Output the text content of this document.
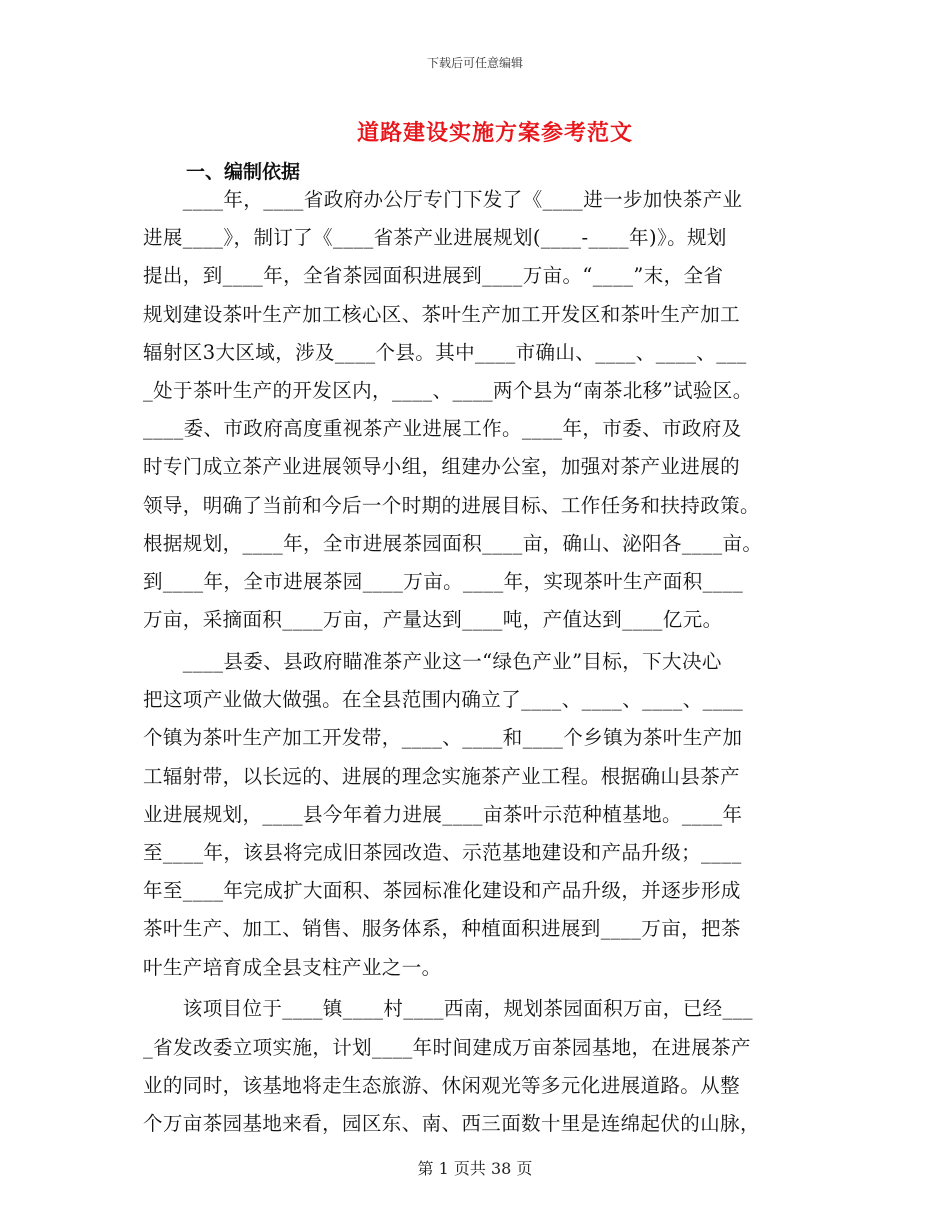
下载后可任意编辑
道路建设实施方案参考范文
一、编制依据
　　____年，____省政府办公厅专门下发了《____进一步加快茶产业
进展____》，制订了《____省茶产业进展规划(____-____年)》。规划
提出，到____年，全省茶园面积进展到____万亩。“____”末，全省
规划建设茶叶生产加工核心区、茶叶生产加工开发区和茶叶生产加工
辐射区3大区域，涉及____个县。其中____市确山、____、____、___
_处于茶叶生产的开发区内，____、____两个县为“南茶北移”试验区。
____委、市政府高度重视茶产业进展工作。____年，市委、市政府及
时专门成立茶产业进展领导小组，组建办公室，加强对茶产业进展的
领导，明确了当前和今后一个时期的进展目标、工作任务和扶持政策。
根据规划，____年，全市进展茶园面积____亩，确山、泌阳各____亩。
到____年，全市进展茶园____万亩。____年，实现茶叶生产面积____
万亩，采摘面积____万亩，产量达到____吨，产值达到____亿元。
　　____县委、县政府瞄准茶产业这一“绿色产业”目标，下大决心
把这项产业做大做强。在全县范围内确立了____、____、____、____
个镇为茶叶生产加工开发带，____、____和____个乡镇为茶叶生产加
工辐射带，以长远的、进展的理念实施茶产业工程。根据确山县茶产
业进展规划，____县今年着力进展____亩茶叶示范种植基地。____年
至____年，该县将完成旧茶园改造、示范基地建设和产品升级；____
年至____年完成扩大面积、茶园标准化建设和产品升级，并逐步形成
茶叶生产、加工、销售、服务体系，种植面积进展到____万亩，把茶
叶生产培育成全县支柱产业之一。
　　该项目位于____镇____村____西南，规划茶园面积万亩，已经___
_省发改委立项实施，计划____年时间建成万亩茶园基地，在进展茶产
业的同时，该基地将走生态旅游、休闲观光等多元化进展道路。从整
个万亩茶园基地来看，园区东、南、西三面数十里是连绵起伏的山脉，
第 1 页共 38 页
